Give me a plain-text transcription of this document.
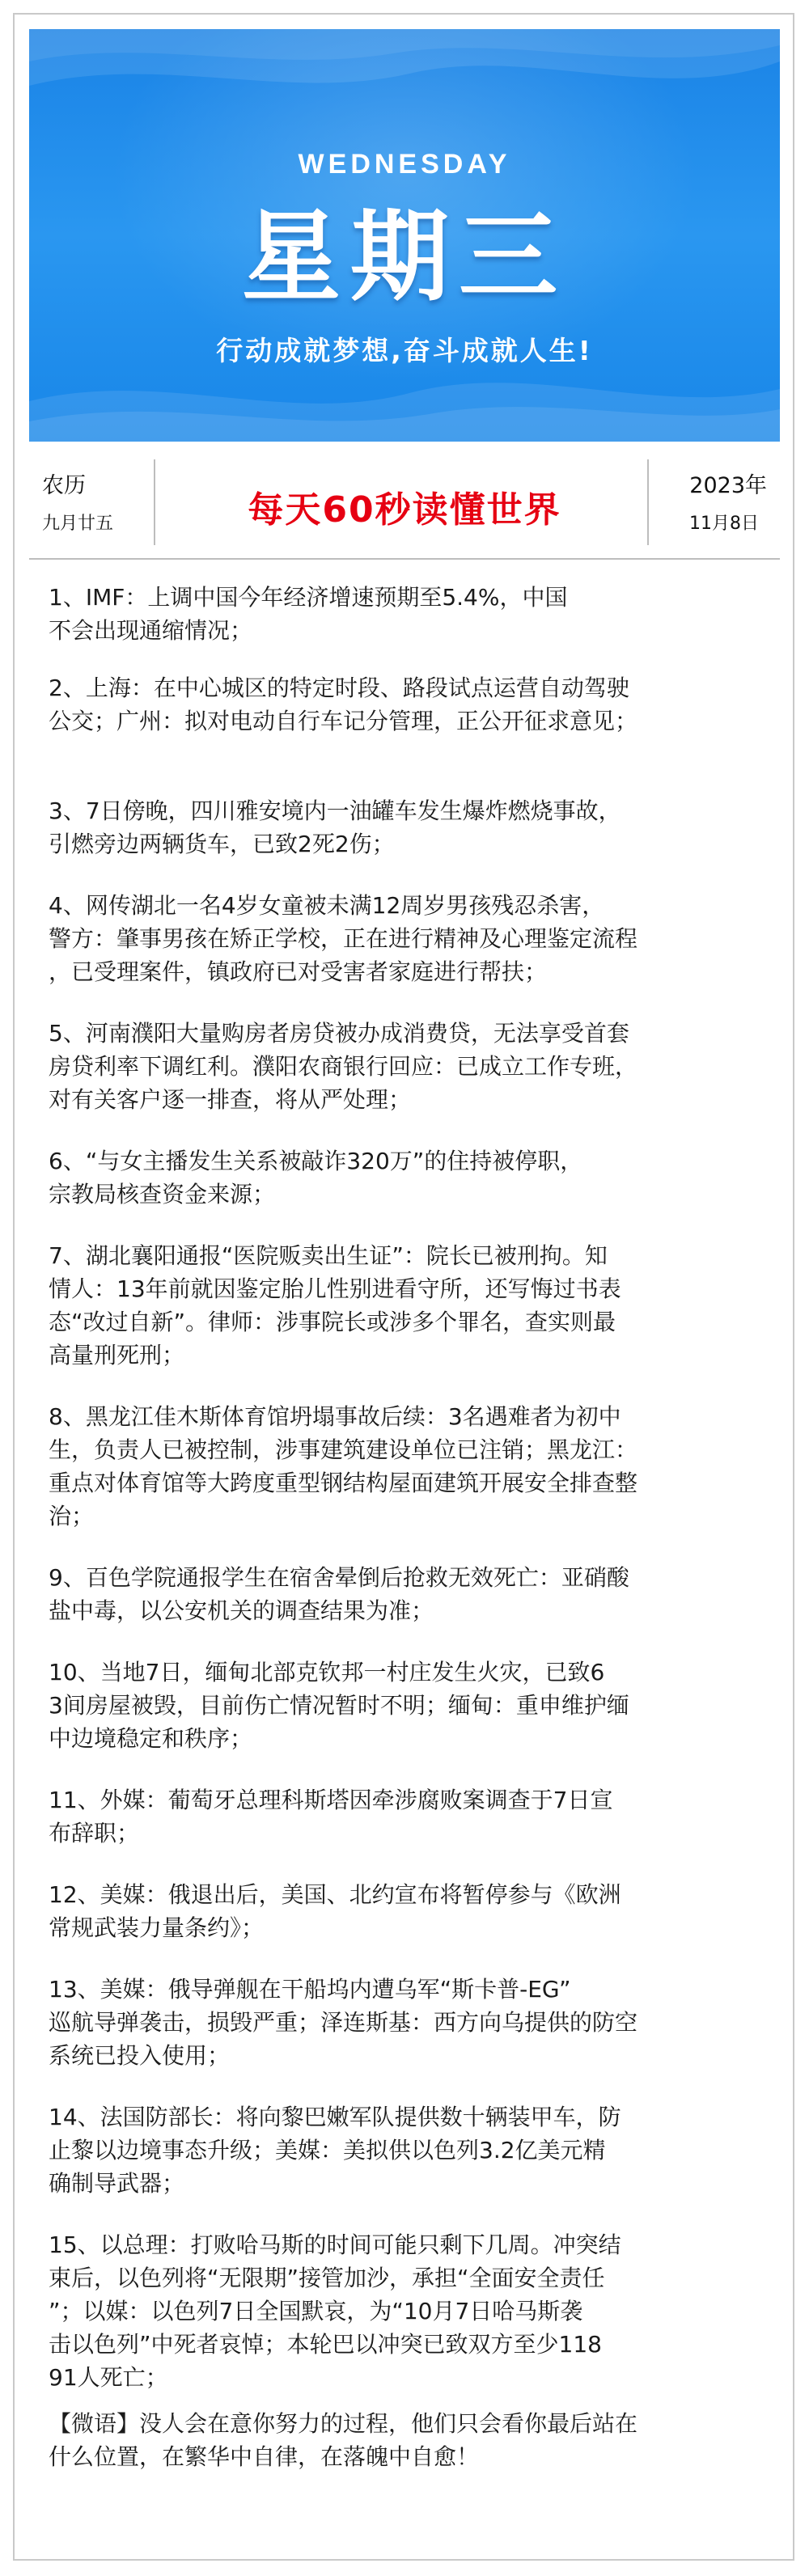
WEDNESDAY
星期三
行动成就梦想,奋斗成就人生!
农历
九月廿五	每天60秒读懂世界
2023年
11月8日

1、IMF：上调中国今年经济增速预期至5.4%，中国
不会出现通缩情况；

2、上海：在中心城区的特定时段、路段试点运营自动驾驶
公交；广州：拟对电动自行车记分管理，正公开征求意见；

3、7日傍晚，四川雅安境内一油罐车发生爆炸燃烧事故，
引燃旁边两辆货车，已致2死2伤；

4、网传湖北一名4岁女童被未满12周岁男孩残忍杀害，
警方：肇事男孩在矫正学校，正在进行精神及心理鉴定流程
，已受理案件，镇政府已对受害者家庭进行帮扶；

5、河南濮阳大量购房者房贷被办成消费贷，无法享受首套
房贷利率下调红利。濮阳农商银行回应：已成立工作专班，
对有关客户逐一排查，将从严处理；

6、“与女主播发生关系被敲诈320万”的住持被停职，
宗教局核查资金来源；

7、湖北襄阳通报“医院贩卖出生证”：院长已被刑拘。知
情人：13年前就因鉴定胎儿性别进看守所，还写悔过书表
态“改过自新”。律师：涉事院长或涉多个罪名，查实则最
高量刑死刑；

8、黑龙江佳木斯体育馆坍塌事故后续：3名遇难者为初中
生，负责人已被控制，涉事建筑建设单位已注销；黑龙江：
重点对体育馆等大跨度重型钢结构屋面建筑开展安全排查整
治；

9、百色学院通报学生在宿舍晕倒后抢救无效死亡：亚硝酸
盐中毒，以公安机关的调查结果为准；

10、当地7日，缅甸北部克钦邦一村庄发生火灾，已致6
3间房屋被毁，目前伤亡情况暂时不明；缅甸：重申维护缅
中边境稳定和秩序；

11、外媒：葡萄牙总理科斯塔因牵涉腐败案调查于7日宣
布辞职；

12、美媒：俄退出后，美国、北约宣布将暂停参与《欧洲
常规武装力量条约》；

13、美媒：俄导弹舰在干船坞内遭乌军“斯卡普-EG”
巡航导弹袭击，损毁严重；泽连斯基：西方向乌提供的防空
系统已投入使用；

14、法国防部长：将向黎巴嫩军队提供数十辆装甲车，防
止黎以边境事态升级；美媒：美拟供以色列3.2亿美元精
确制导武器；

15、以总理：打败哈马斯的时间可能只剩下几周。冲突结
束后，以色列将“无限期”接管加沙，承担“全面安全责任
”；以媒：以色列7日全国默哀，为“10月7日哈马斯袭
击以色列”中死者哀悼；本轮巴以冲突已致双方至少118
91人死亡；

【微语】没人会在意你努力的过程，他们只会看你最后站在
什么位置，在繁华中自律，在落魄中自愈！
